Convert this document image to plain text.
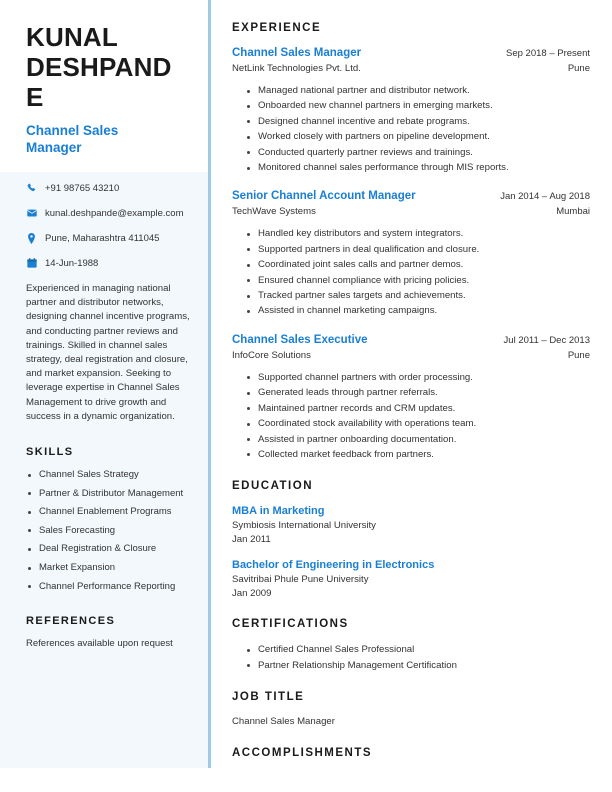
KUNAL DESHPANDE
Channel Sales Manager
+91 98765 43210
kunal.deshpande@example.com
Pune, Maharashtra 411045
14-Jun-1988
Experienced in managing national partner and distributor networks, designing channel incentive programs, and conducting partner reviews and trainings. Skilled in channel sales strategy, deal registration and closure, and market expansion. Seeking to leverage expertise in Channel Sales Management to drive growth and success in a dynamic organization.
SKILLS
Channel Sales Strategy
Partner & Distributor Management
Channel Enablement Programs
Sales Forecasting
Deal Registration & Closure
Market Expansion
Channel Performance Reporting
REFERENCES
References available upon request
EXPERIENCE
Channel Sales Manager	Sep 2018 – Present
NetLink Technologies Pvt. Ltd.	Pune
Managed national partner and distributor network.
Onboarded new channel partners in emerging markets.
Designed channel incentive and rebate programs.
Worked closely with partners on pipeline development.
Conducted quarterly partner reviews and trainings.
Monitored channel sales performance through MIS reports.
Senior Channel Account Manager	Jan 2014 – Aug 2018
TechWave Systems	Mumbai
Handled key distributors and system integrators.
Supported partners in deal qualification and closure.
Coordinated joint sales calls and partner demos.
Ensured channel compliance with pricing policies.
Tracked partner sales targets and achievements.
Assisted in channel marketing campaigns.
Channel Sales Executive	Jul 2011 – Dec 2013
InfoCore Solutions	Pune
Supported channel partners with order processing.
Generated leads through partner referrals.
Maintained partner records and CRM updates.
Coordinated stock availability with operations team.
Assisted in partner onboarding documentation.
Collected market feedback from partners.
EDUCATION
MBA in Marketing
Symbiosis International University
Jan 2011
Bachelor of Engineering in Electronics
Savitribai Phule Pune University
Jan 2009
CERTIFICATIONS
Certified Channel Sales Professional
Partner Relationship Management Certification
JOB TITLE
Channel Sales Manager
ACCOMPLISHMENTS
